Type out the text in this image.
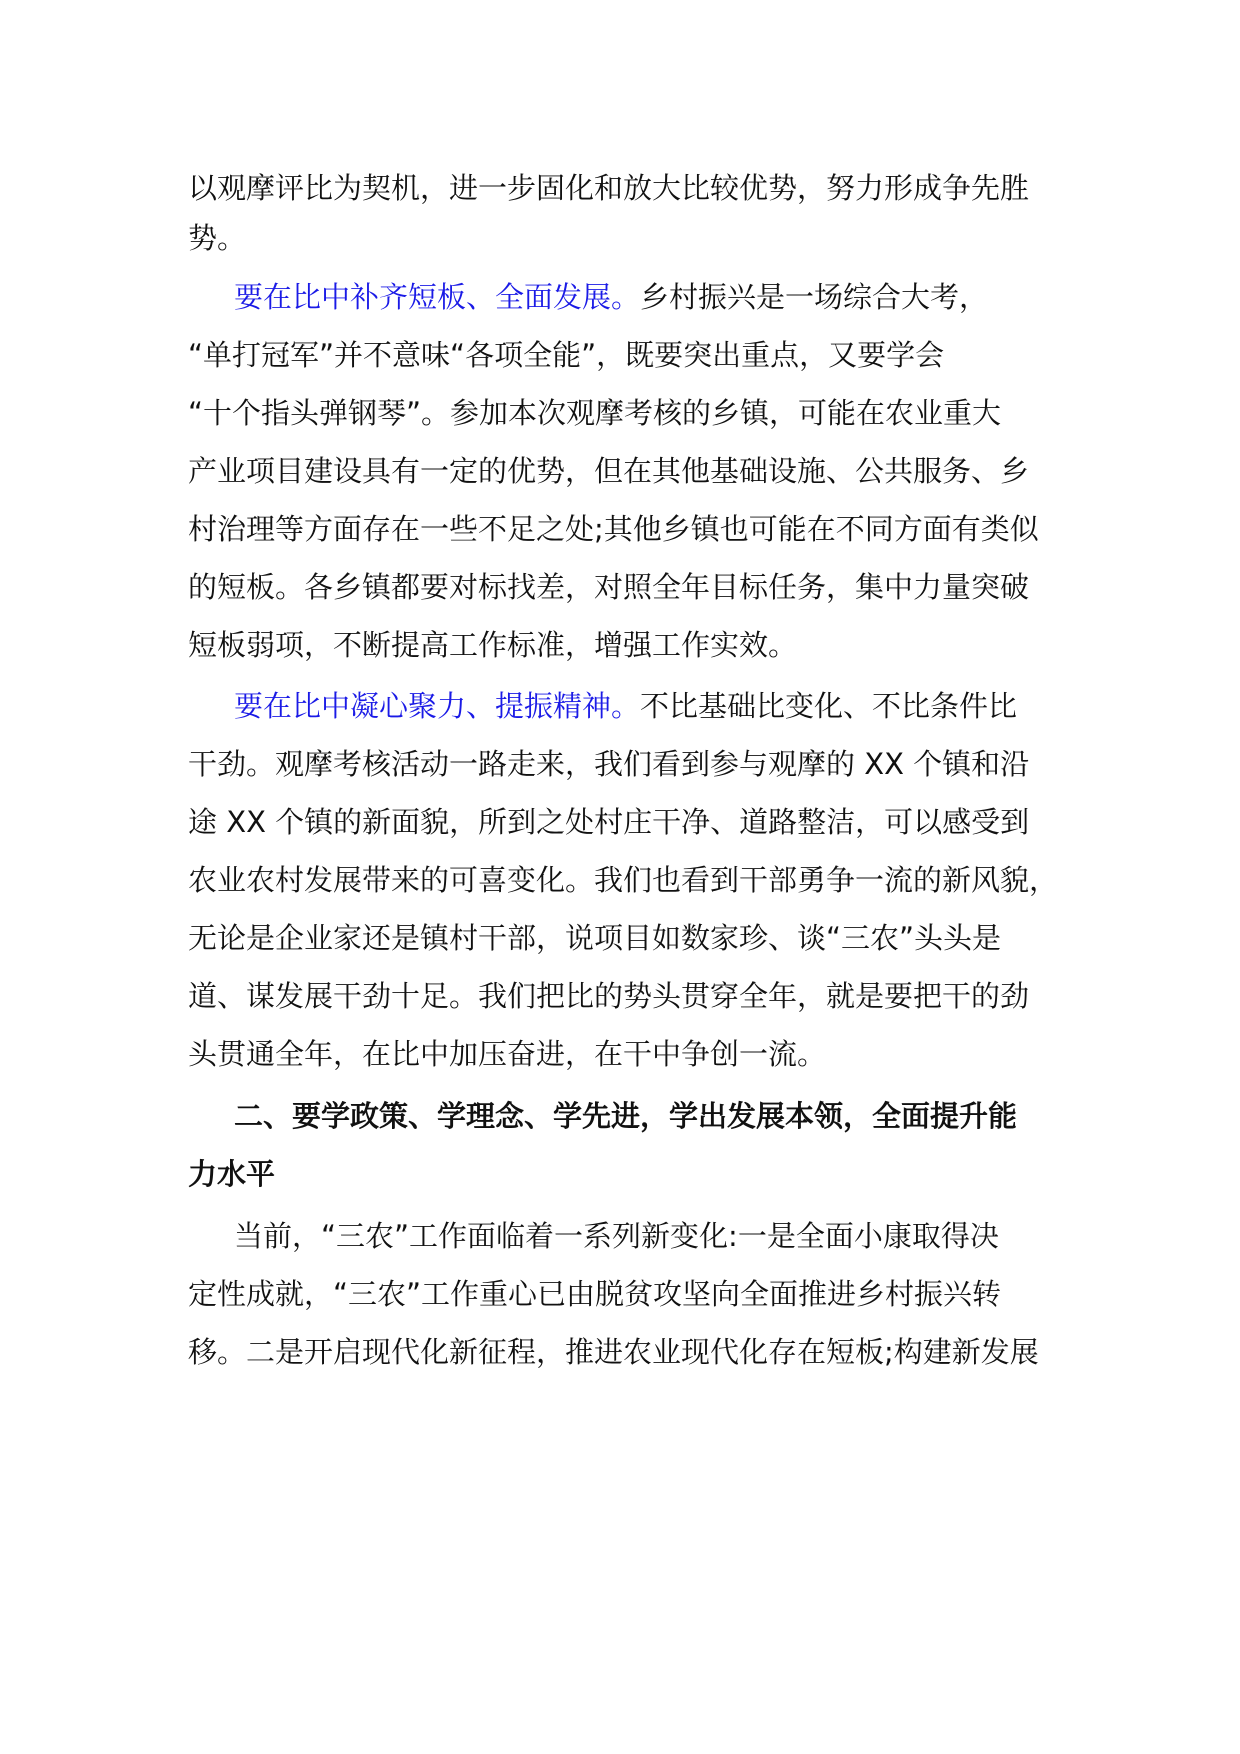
以观摩评比为契机，进一步固化和放大比较优势，努力形成争先胜
势。
要在比中补齐短板、全面发展。乡村振兴是一场综合大考，
“单打冠军”并不意味“各项全能”，既要突出重点，又要学会
“十个指头弹钢琴”。参加本次观摩考核的乡镇，可能在农业重大
产业项目建设具有一定的优势，但在其他基础设施、公共服务、乡
村治理等方面存在一些不足之处;其他乡镇也可能在不同方面有类似
的短板。各乡镇都要对标找差，对照全年目标任务，集中力量突破
短板弱项，不断提高工作标准，增强工作实效。
要在比中凝心聚力、提振精神。不比基础比变化、不比条件比
干劲。观摩考核活动一路走来，我们看到参与观摩的 XX 个镇和沿
途 XX 个镇的新面貌，所到之处村庄干净、道路整洁，可以感受到
农业农村发展带来的可喜变化。我们也看到干部勇争一流的新风貌，
无论是企业家还是镇村干部，说项目如数家珍、谈“三农”头头是
道、谋发展干劲十足。我们把比的势头贯穿全年，就是要把干的劲
头贯通全年，在比中加压奋进，在干中争创一流。
二、要学政策、学理念、学先进，学出发展本领，全面提升能
力水平
当前，“三农”工作面临着一系列新变化:一是全面小康取得决
定性成就，“三农”工作重心已由脱贫攻坚向全面推进乡村振兴转
移。二是开启现代化新征程，推进农业现代化存在短板;构建新发展
